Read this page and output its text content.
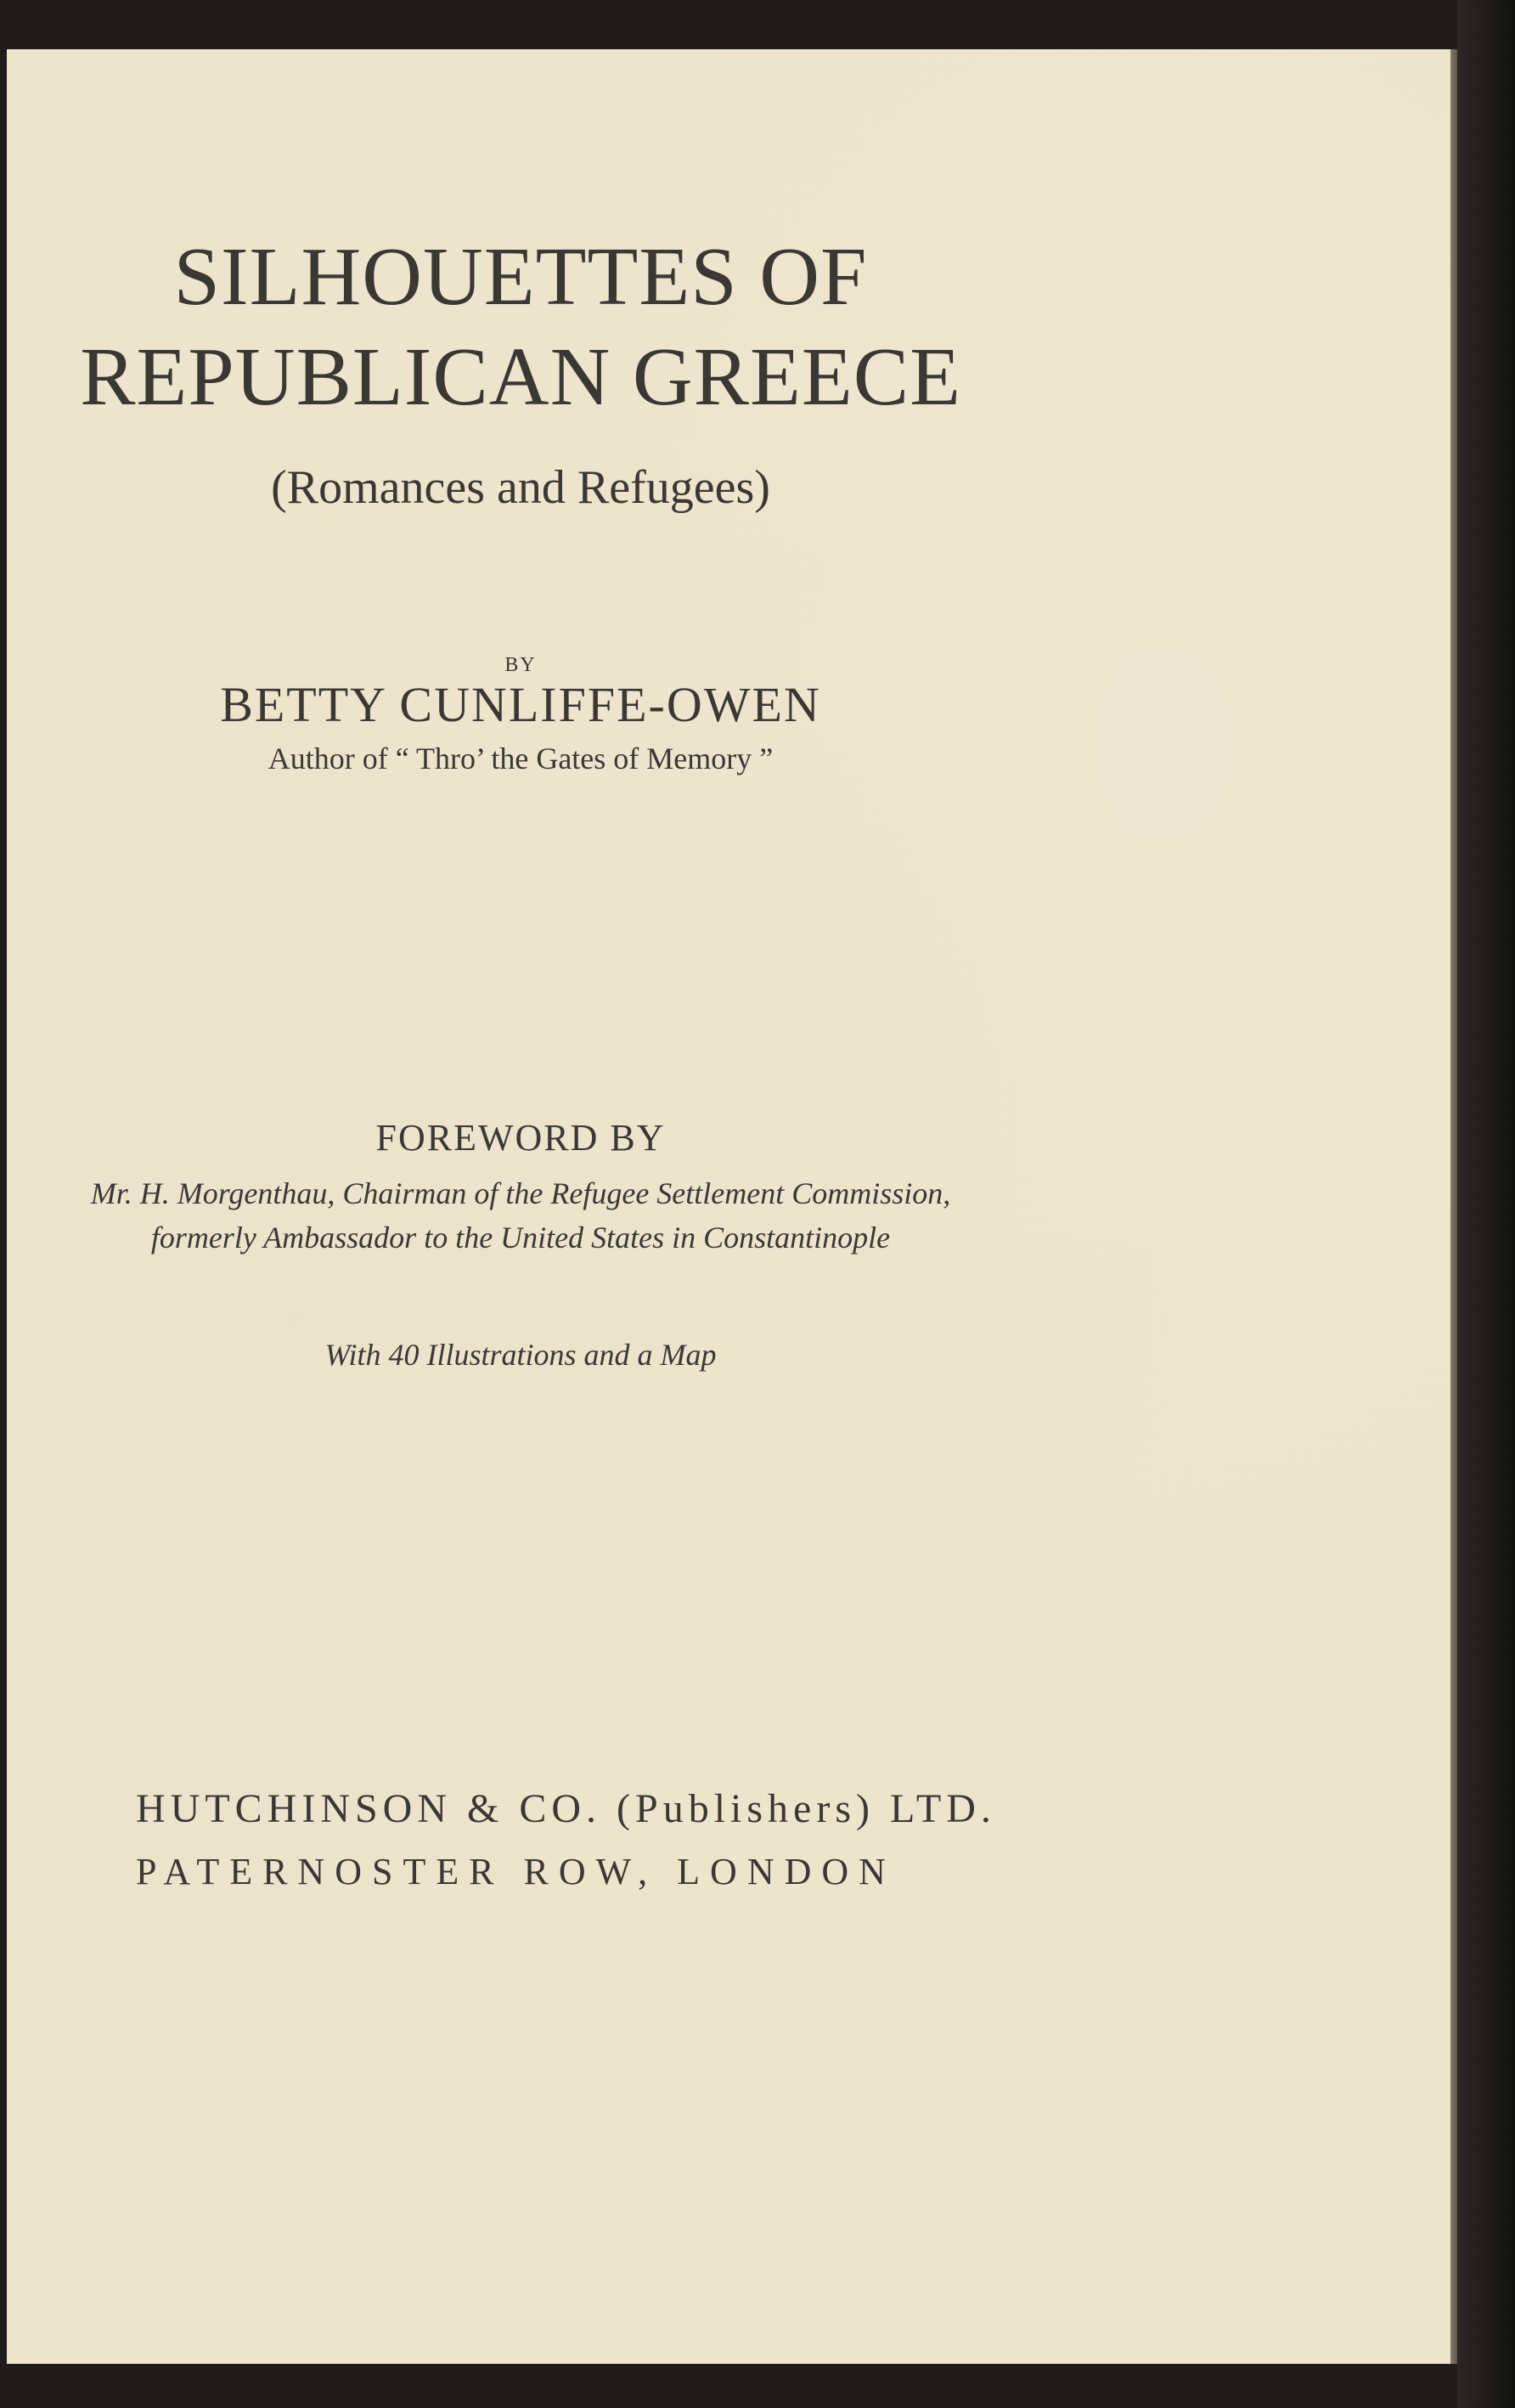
SILHOUETTES OF
REPUBLICAN GREECE
(Romances and Refugees)
BY
BETTY CUNLIFFE-OWEN
Author of “ Thro’ the Gates of Memory ”
FOREWORD BY
Mr. H. Morgenthau, Chairman of the Refugee Settlement Commission,
formerly Ambassador to the United States in Constantinople
With 40 Illustrations and a Map
HUTCHINSON & CO. (Publishers) LTD.
PATERNOSTER ROW, LONDON
